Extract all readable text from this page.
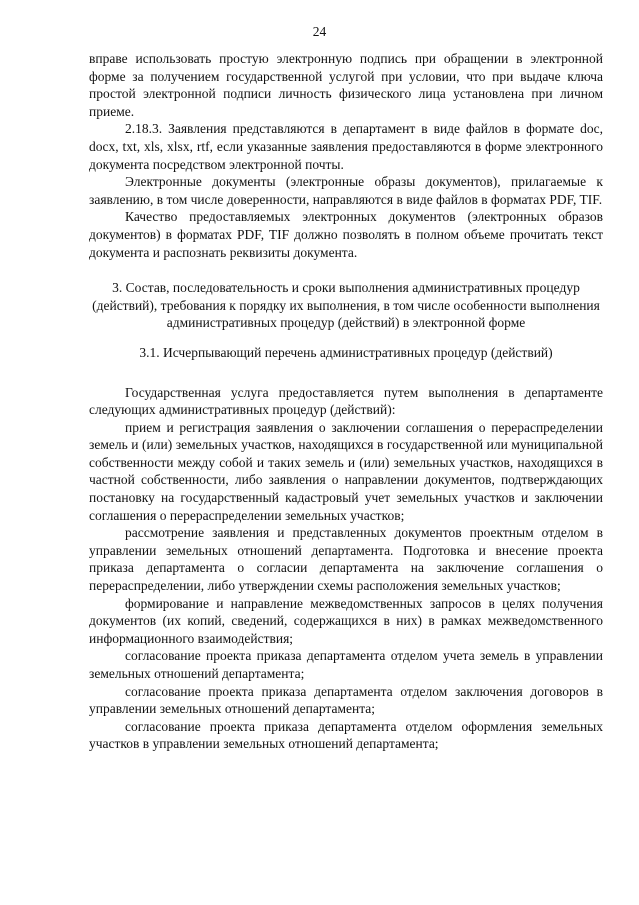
24

вправе использовать простую электронную подпись при обращении в электронной форме за получением государственной услугой при условии, что при выдаче ключа простой электронной подписи личность физического лица установлена при личном приеме.

2.18.3. Заявления представляются в департамент в виде файлов в формате doc, docx, txt, xls, xlsx, rtf, если указанные заявления предоставляются в форме электронного документа посредством электронной почты.

Электронные документы (электронные образы документов), прилагаемые к заявлению, в том числе доверенности, направляются в виде файлов в форматах PDF, TIF.

Качество предоставляемых электронных документов (электронных образов документов) в форматах PDF, TIF должно позволять в полном объеме прочитать текст документа и распознать реквизиты документа.

3. Состав, последовательность и сроки выполнения административных процедур (действий), требования к порядку их выполнения, в том числе особенности выполнения административных процедур (действий) в электронной форме

3.1. Исчерпывающий перечень административных процедур (действий)

Государственная услуга предоставляется путем выполнения в департаменте следующих административных процедур (действий):

прием и регистрация заявления о заключении соглашения о перераспределении земель и (или) земельных участков, находящихся в государственной или муниципальной собственности между собой и таких земель и (или) земельных участков, находящихся в частной собственности, либо заявления о направлении документов, подтверждающих постановку на государственный кадастровый учет земельных участков и заключении соглашения о перераспределении земельных участков;

рассмотрение заявления и представленных документов проектным отделом в управлении земельных отношений департамента. Подготовка и внесение проекта приказа департамента о согласии департамента на заключение соглашения о перераспределении, либо утверждении схемы расположения земельных участков;

формирование и направление межведомственных запросов в целях получения документов (их копий, сведений, содержащихся в них) в рамках межведомственного информационного взаимодействия;

согласование проекта приказа департамента отделом учета земель в управлении земельных отношений департамента;

согласование проекта приказа департамента отделом заключения договоров в управлении земельных отношений департамента;

согласование проекта приказа департамента отделом оформления земельных участков в управлении земельных отношений департамента;
